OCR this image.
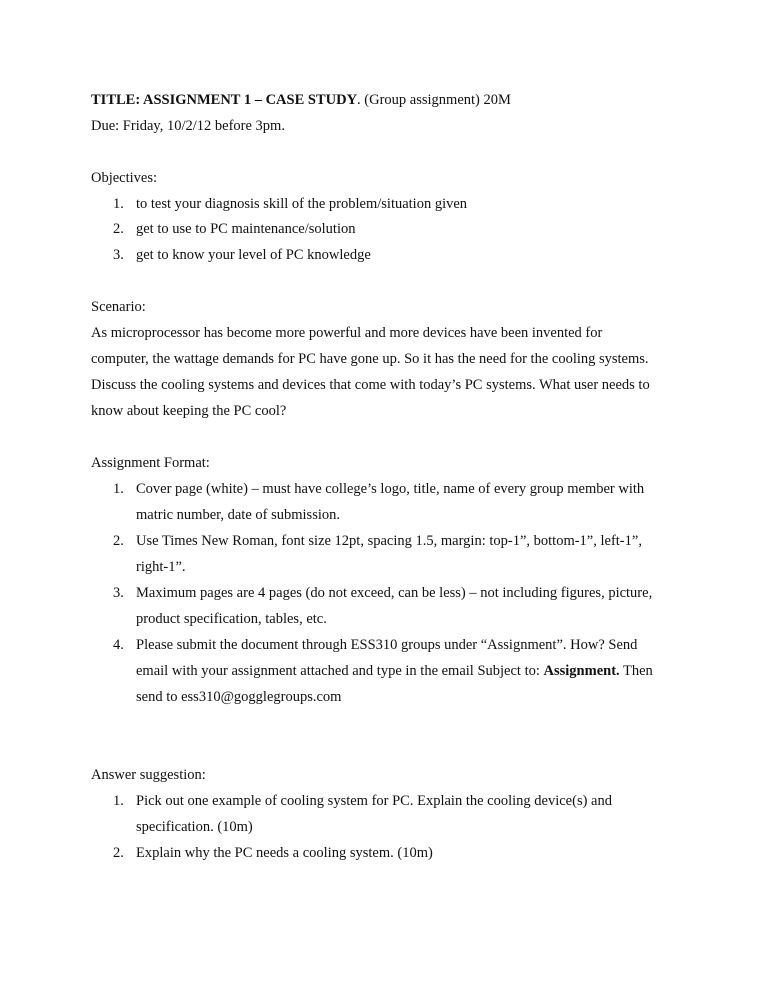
TITLE: ASSIGNMENT 1 – CASE STUDY. (Group assignment) 20M
Due: Friday, 10/2/12 before 3pm.
Objectives:
1. to test your diagnosis skill of the problem/situation given
2. get to use to PC maintenance/solution
3. get to know your level of PC knowledge
Scenario:
As microprocessor has become more powerful and more devices have been invented for
computer, the wattage demands for PC have gone up. So it has the need for the cooling systems.
Discuss the cooling systems and devices that come with today’s PC systems. What user needs to
know about keeping the PC cool?
Assignment Format:
1. Cover page (white) – must have college’s logo, title, name of every group member with
matric number, date of submission.
2. Use Times New Roman, font size 12pt, spacing 1.5, margin: top-1”, bottom-1”, left-1”,
right-1”.
3. Maximum pages are 4 pages (do not exceed, can be less) – not including figures, picture,
product specification, tables, etc.
4. Please submit the document through ESS310 groups under “Assignment”. How? Send
email with your assignment attached and type in the email Subject to: Assignment. Then
send to ess310@gogglegroups.com
Answer suggestion:
1. Pick out one example of cooling system for PC. Explain the cooling device(s) and
specification. (10m)
2. Explain why the PC needs a cooling system. (10m)
